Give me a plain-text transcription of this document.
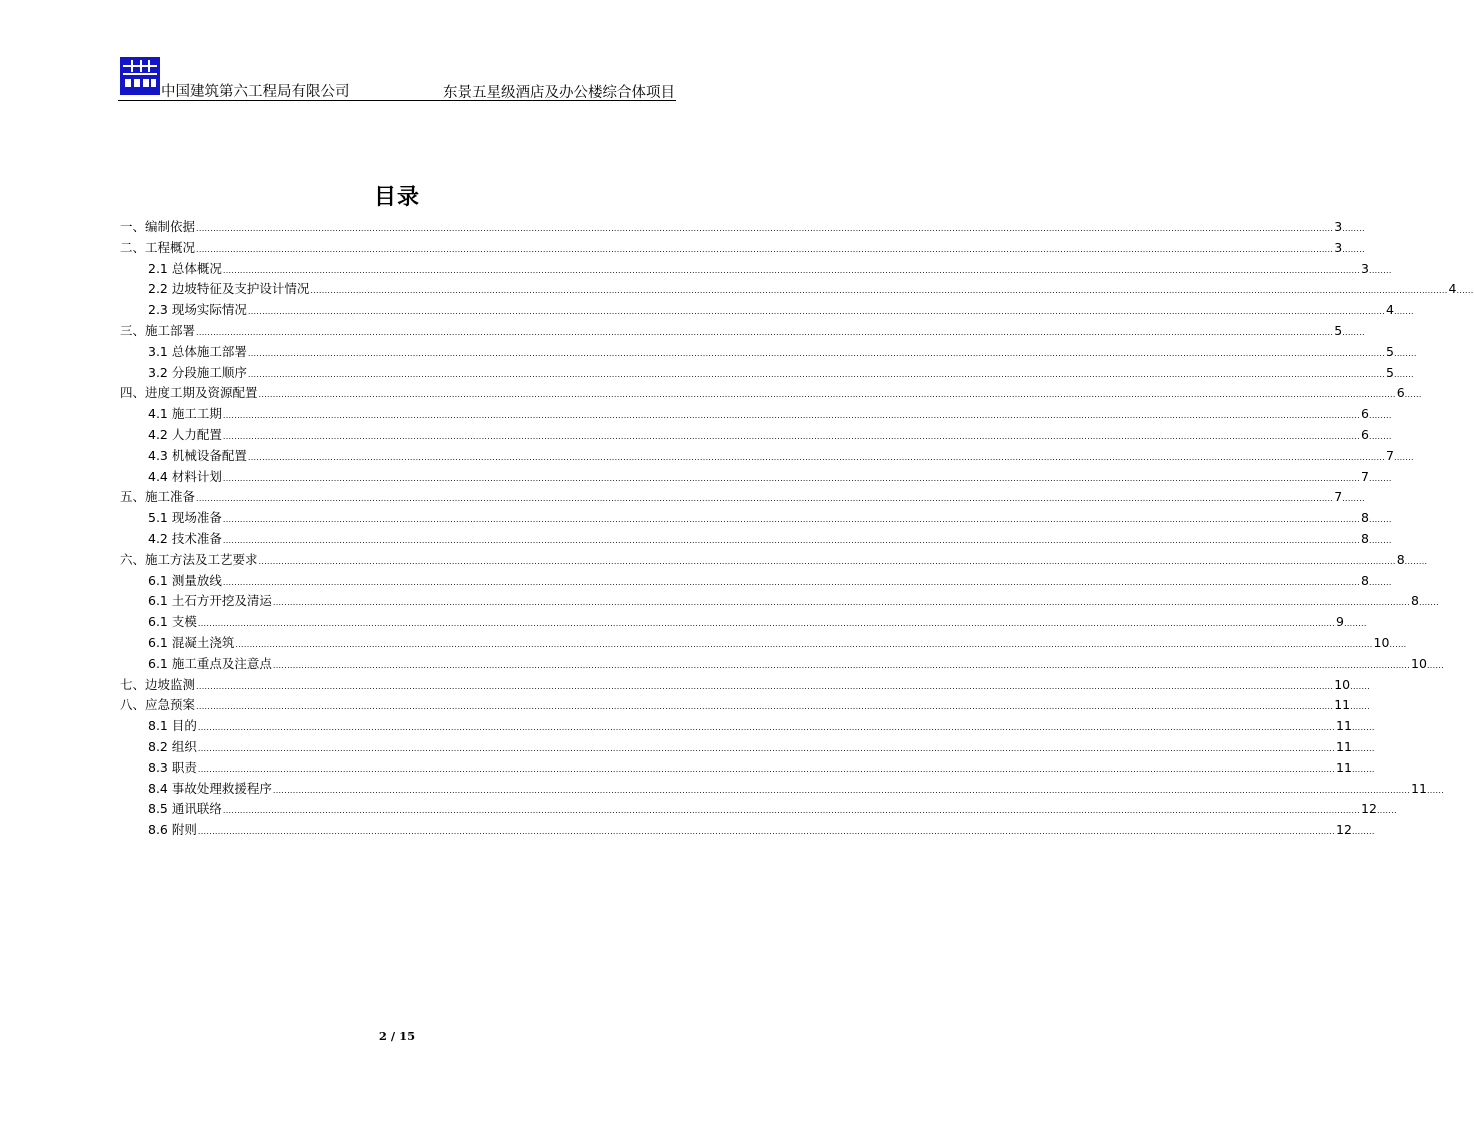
中国建筑第六工程局有限公司	东景五星级酒店及办公楼综合体项目
目录
一、编制依据 ................................................................................................................................................................................................................................................................................................................................................................................................................ 3 ........
二、工程概况 ................................................................................................................................................................................................................................................................................................................................................................................................................ 3 ........
2.1 总体概况 ................................................................................................................................................................................................................................................................................................................................................................................................................ 3 ........
2.2 边坡特征及支护设计情况 ................................................................................................................................................................................................................................................................................................................................................................................................................ 4 ......
2.3 现场实际情况 ................................................................................................................................................................................................................................................................................................................................................................................................................ 4 .......
三、施工部署 ................................................................................................................................................................................................................................................................................................................................................................................................................ 5 ........
3.1 总体施工部署 ................................................................................................................................................................................................................................................................................................................................................................................................................ 5 ........
3.2 分段施工顺序 ................................................................................................................................................................................................................................................................................................................................................................................................................ 5 .......
四、进度工期及资源配置 ................................................................................................................................................................................................................................................................................................................................................................................................................ 6 ......
4.1 施工工期 ................................................................................................................................................................................................................................................................................................................................................................................................................ 6 ........
4.2 人力配置 ................................................................................................................................................................................................................................................................................................................................................................................................................ 6 ........
4.3 机械设备配置 ................................................................................................................................................................................................................................................................................................................................................................................................................ 7 .......
4.4 材料计划 ................................................................................................................................................................................................................................................................................................................................................................................................................ 7 ........
五、施工准备 ................................................................................................................................................................................................................................................................................................................................................................................................................ 7 ........
5.1 现场准备 ................................................................................................................................................................................................................................................................................................................................................................................................................ 8 ........
4.2 技术准备 ................................................................................................................................................................................................................................................................................................................................................................................................................ 8 ........
六、施工方法及工艺要求 ................................................................................................................................................................................................................................................................................................................................................................................................................ 8 ........
6.1 测量放线 ................................................................................................................................................................................................................................................................................................................................................................................................................ 8 ........
6.1 土石方开挖及清运 ................................................................................................................................................................................................................................................................................................................................................................................................................ 8 .......
6.1 支模 ................................................................................................................................................................................................................................................................................................................................................................................................................ 9 ........
6.1 混凝土浇筑 ................................................................................................................................................................................................................................................................................................................................................................................................................ 10 ......
6.1 施工重点及注意点 ................................................................................................................................................................................................................................................................................................................................................................................................................ 10 ......
七、边坡监测 ................................................................................................................................................................................................................................................................................................................................................................................................................ 10 .......
八、应急预案 ................................................................................................................................................................................................................................................................................................................................................................................................................ 11 .......
8.1 目的 ................................................................................................................................................................................................................................................................................................................................................................................................................ 11 ........
8.2 组织 ................................................................................................................................................................................................................................................................................................................................................................................................................ 11 ........
8.3 职责 ................................................................................................................................................................................................................................................................................................................................................................................................................ 11 ........
8.4 事故处理救援程序 ................................................................................................................................................................................................................................................................................................................................................................................................................ 11 ......
8.5 通讯联络 ................................................................................................................................................................................................................................................................................................................................................................................................................ 12 .......
8.6 附则 ................................................................................................................................................................................................................................................................................................................................................................................................................ 12 ........
2 / 15
